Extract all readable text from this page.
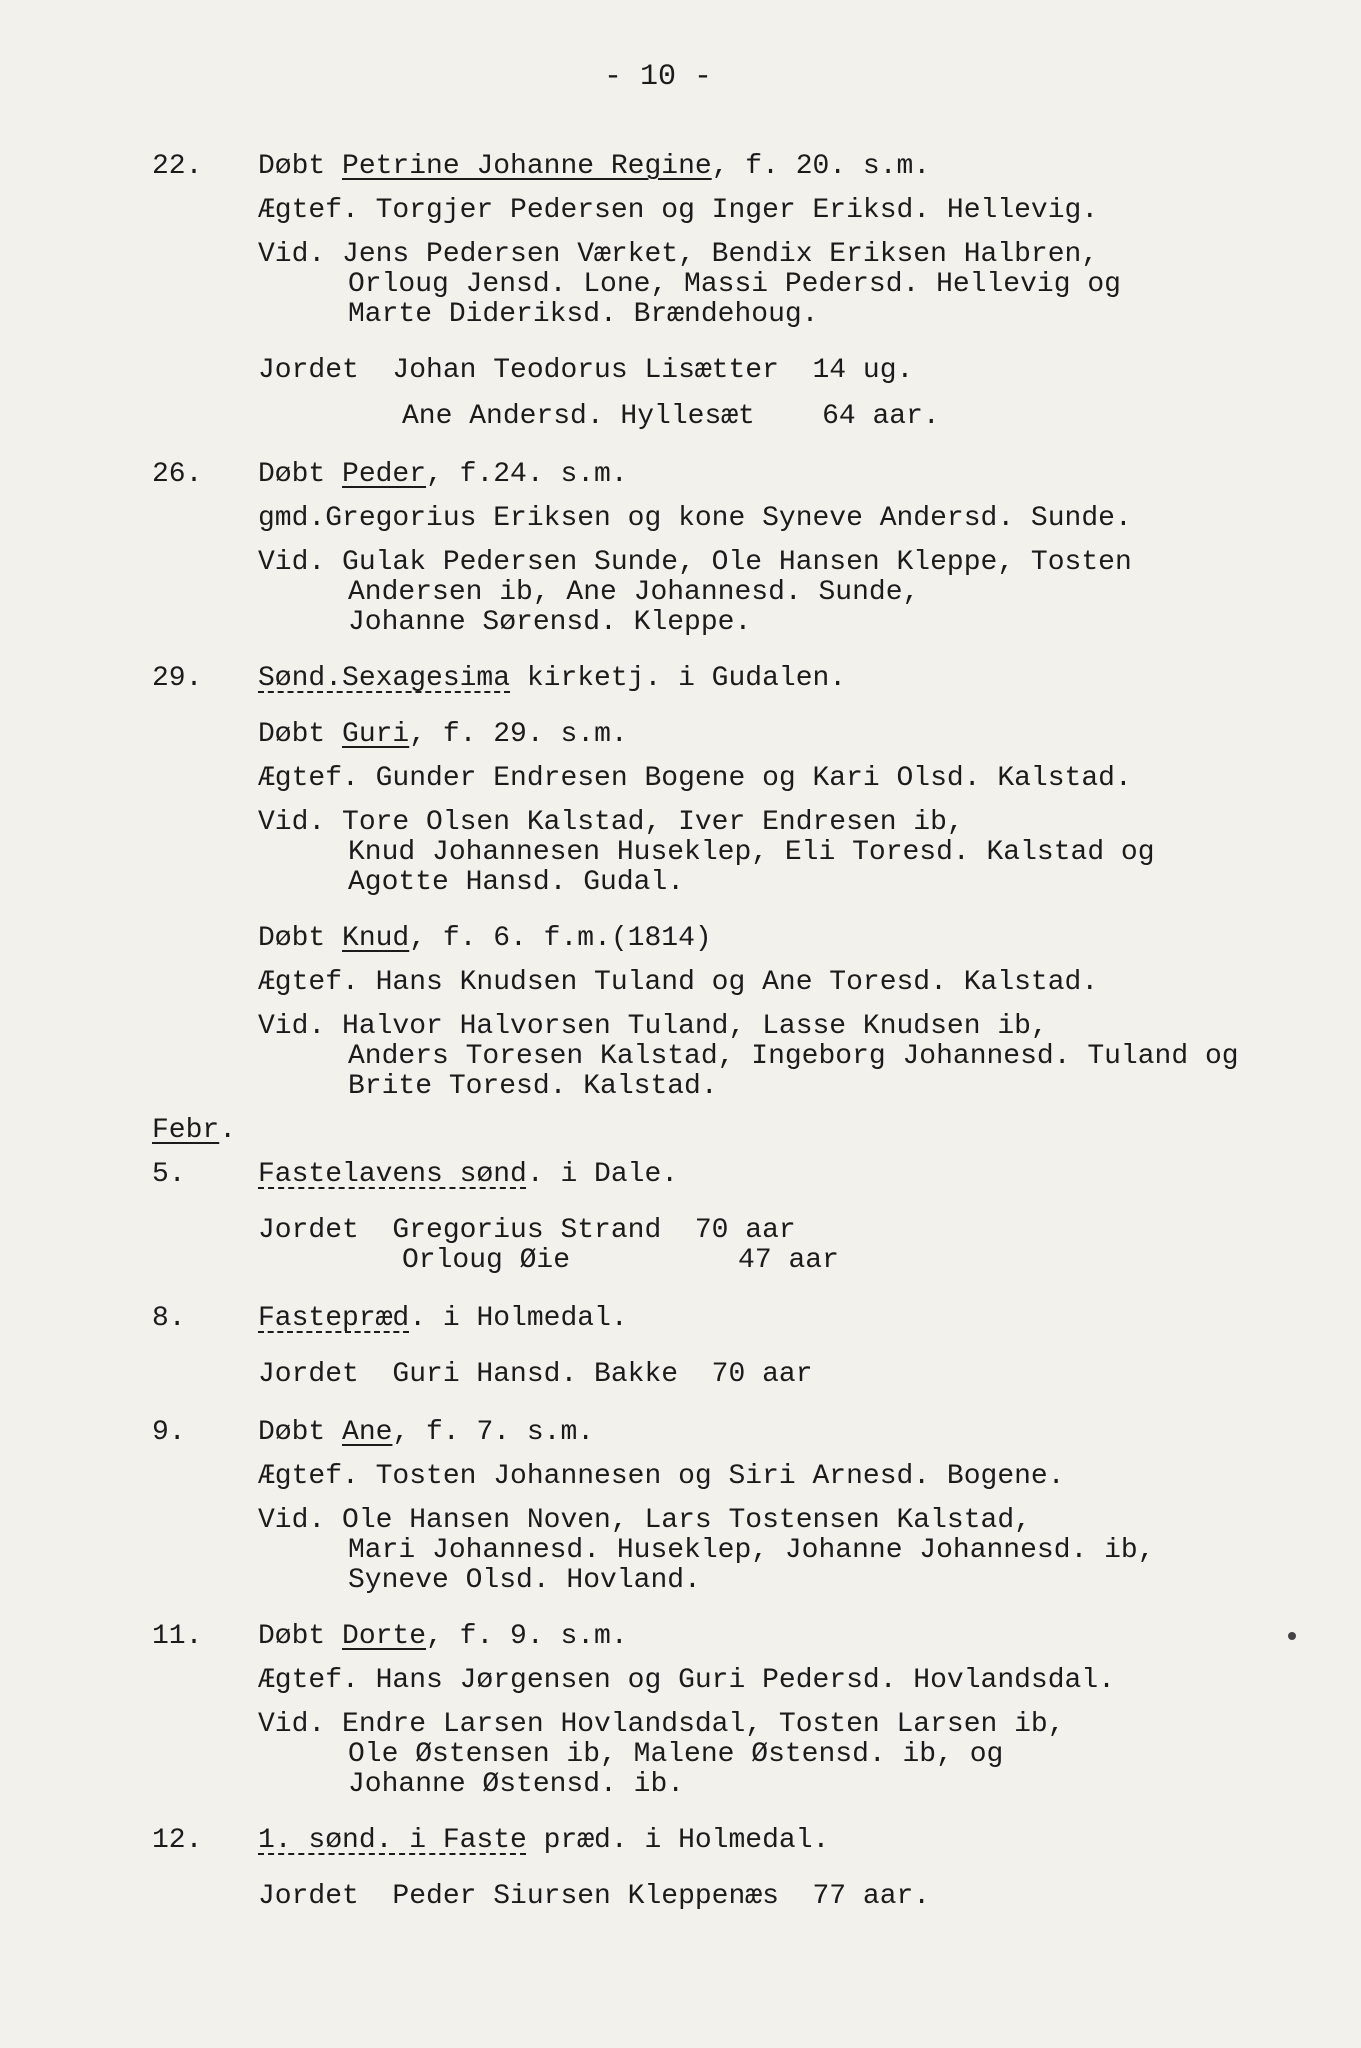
- 10 -
22. Døbt Petrine Johanne Regine, f. 20. s.m.
Ægtef. Torgjer Pedersen og Inger Eriksd. Hellevig.
Vid. Jens Pedersen Værket, Bendix Eriksen Halbren,
Orloug Jensd. Lone, Massi Pedersd. Hellevig og
Marte Dideriksd. Brændehoug.
Jordet  Johan Teodorus Lisætter  14 ug.
Ane Andersd. Hyllesæt    64 aar.
26. Døbt Peder, f.24. s.m.
gmd.Gregorius Eriksen og kone Syneve Andersd. Sunde.
Vid. Gulak Pedersen Sunde, Ole Hansen Kleppe, Tosten
Andersen ib, Ane Johannesd. Sunde,
Johanne Sørensd. Kleppe.
29. Sønd.Sexagesima kirketj. i Gudalen.
Døbt Guri, f. 29. s.m.
Ægtef. Gunder Endresen Bogene og Kari Olsd. Kalstad.
Vid. Tore Olsen Kalstad, Iver Endresen ib,
Knud Johannesen Huseklep, Eli Toresd. Kalstad og
Agotte Hansd. Gudal.
Døbt Knud, f. 6. f.m.(1814)
Ægtef. Hans Knudsen Tuland og Ane Toresd. Kalstad.
Vid. Halvor Halvorsen Tuland, Lasse Knudsen ib,
Anders Toresen Kalstad, Ingeborg Johannesd. Tuland og
Brite Toresd. Kalstad.
Febr.
5.	Fastelavens sønd. i Dale.
Jordet  Gregorius Strand  70 aar
Orloug Øie          47 aar
8.	Fastepræd. i Holmedal.
Jordet  Guri Hansd. Bakke  70 aar
9.	Døbt Ane, f. 7. s.m.
Ægtef. Tosten Johannesen og Siri Arnesd. Bogene.
Vid. Ole Hansen Noven, Lars Tostensen Kalstad,
Mari Johannesd. Huseklep, Johanne Johannesd. ib,
Syneve Olsd. Hovland.
11. Døbt Dorte, f. 9. s.m.
Ægtef. Hans Jørgensen og Guri Pedersd. Hovlandsdal.
Vid. Endre Larsen Hovlandsdal, Tosten Larsen ib,
Ole Østensen ib, Malene Østensd. ib, og
Johanne Østensd. ib.
12. 1. sønd. i Faste præd. i Holmedal.
Jordet  Peder Siursen Kleppenæs  77 aar.
